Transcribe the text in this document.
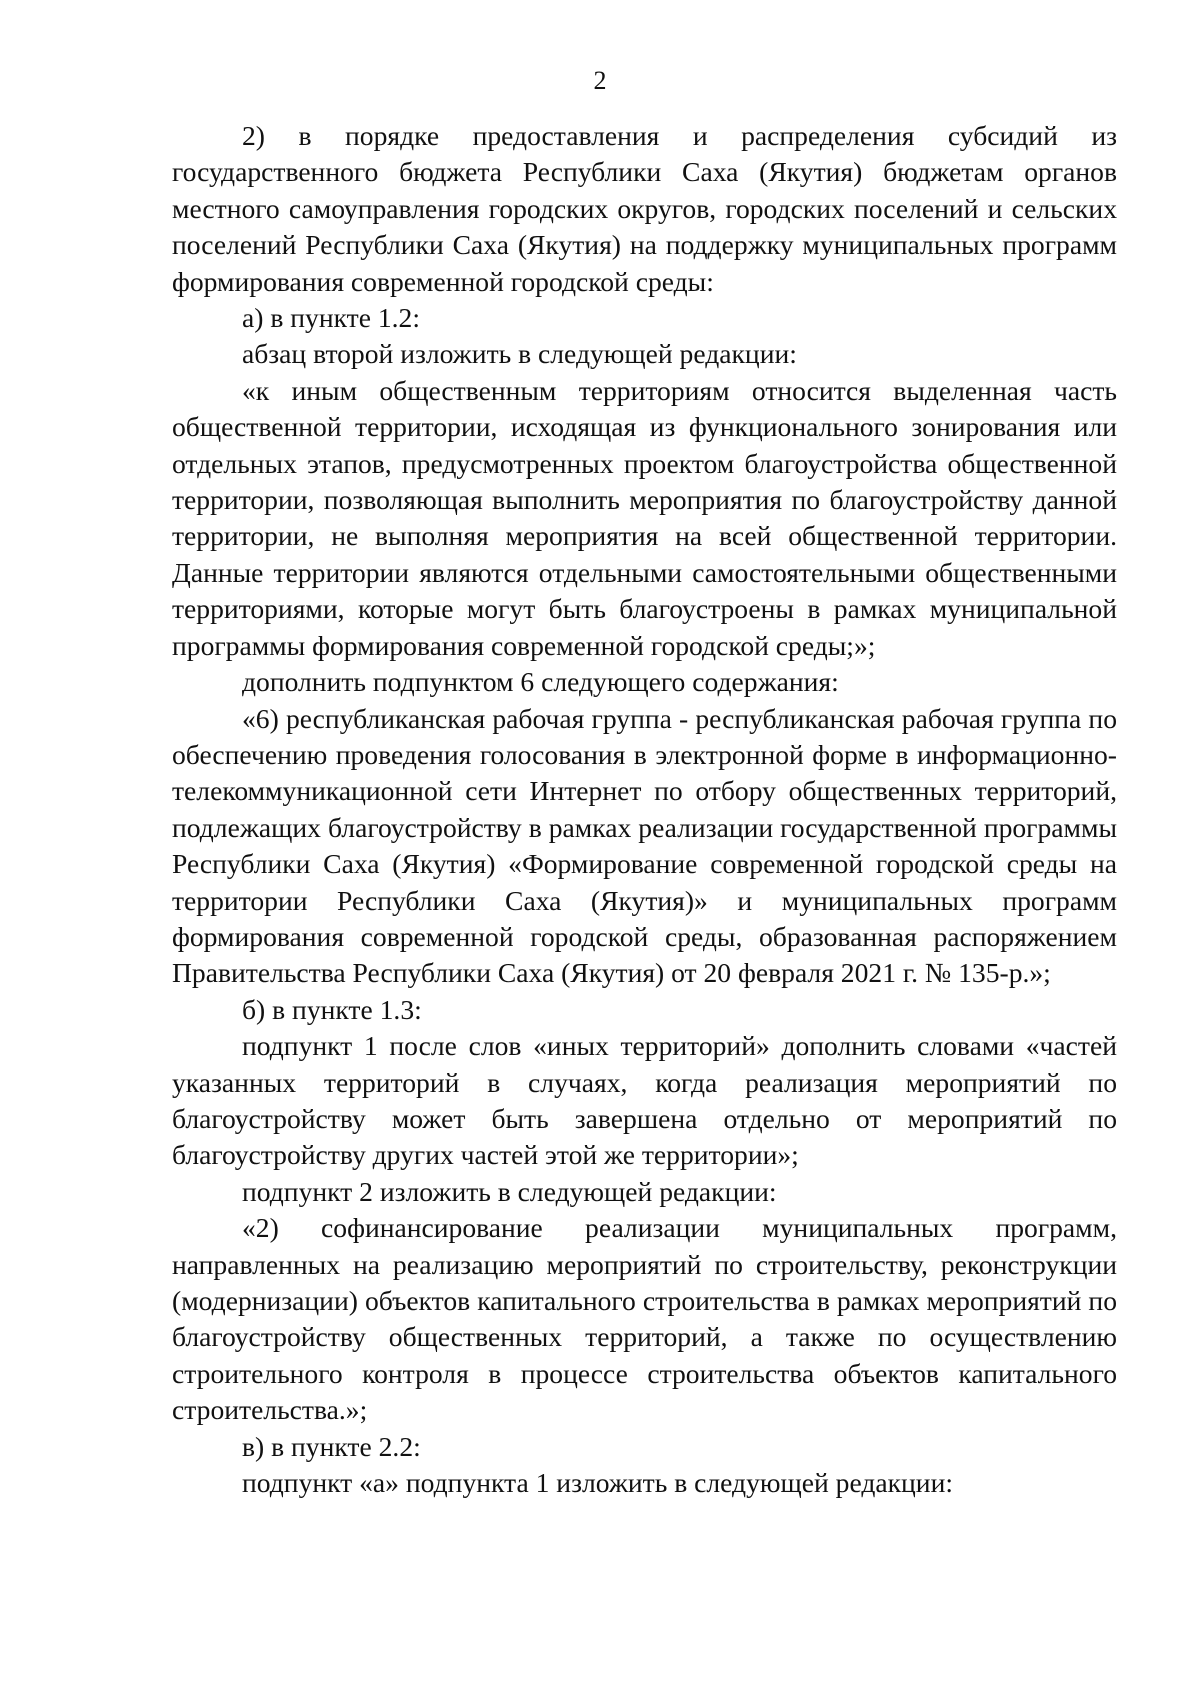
2

2) в порядке предоставления и распределения субсидий из государственного бюджета Республики Саха (Якутия) бюджетам органов местного самоуправления городских округов, городских поселений и сельских поселений Республики Саха (Якутия) на поддержку муниципальных программ формирования современной городской среды:

а) в пункте 1.2:

абзац второй изложить в следующей редакции:

«к иным общественным территориям относится выделенная часть общественной территории, исходящая из функционального зонирования или отдельных этапов, предусмотренных проектом благоустройства общественной территории, позволяющая выполнить мероприятия по благоустройству данной территории, не выполняя мероприятия на всей общественной территории. Данные территории являются отдельными самостоятельными общественными территориями, которые могут быть благоустроены в рамках муниципальной программы формирования современной городской среды;»;

дополнить подпунктом 6 следующего содержания:

«6) республиканская рабочая группа - республиканская рабочая группа по обеспечению проведения голосования в электронной форме в информационно-телекоммуникационной сети Интернет по отбору общественных территорий, подлежащих благоустройству в рамках реализации государственной программы Республики Саха (Якутия) «Формирование современной городской среды на территории Республики Саха (Якутия)» и муниципальных программ формирования современной городской среды, образованная распоряжением Правительства Республики Саха (Якутия) от 20 февраля 2021 г. № 135-р.»;

б) в пункте 1.3:

подпункт 1 после слов «иных территорий» дополнить словами «частей указанных территорий в случаях, когда реализация мероприятий по благоустройству может быть завершена отдельно от мероприятий по благоустройству других частей этой же территории»;

подпункт 2 изложить в следующей редакции:

«2) софинансирование реализации муниципальных программ, направленных на реализацию мероприятий по строительству, реконструкции (модернизации) объектов капитального строительства в рамках мероприятий по благоустройству общественных территорий, а также по осуществлению строительного контроля в процессе строительства объектов капитального строительства.»;

в) в пункте 2.2:

подпункт «а» подпункта 1 изложить в следующей редакции:
